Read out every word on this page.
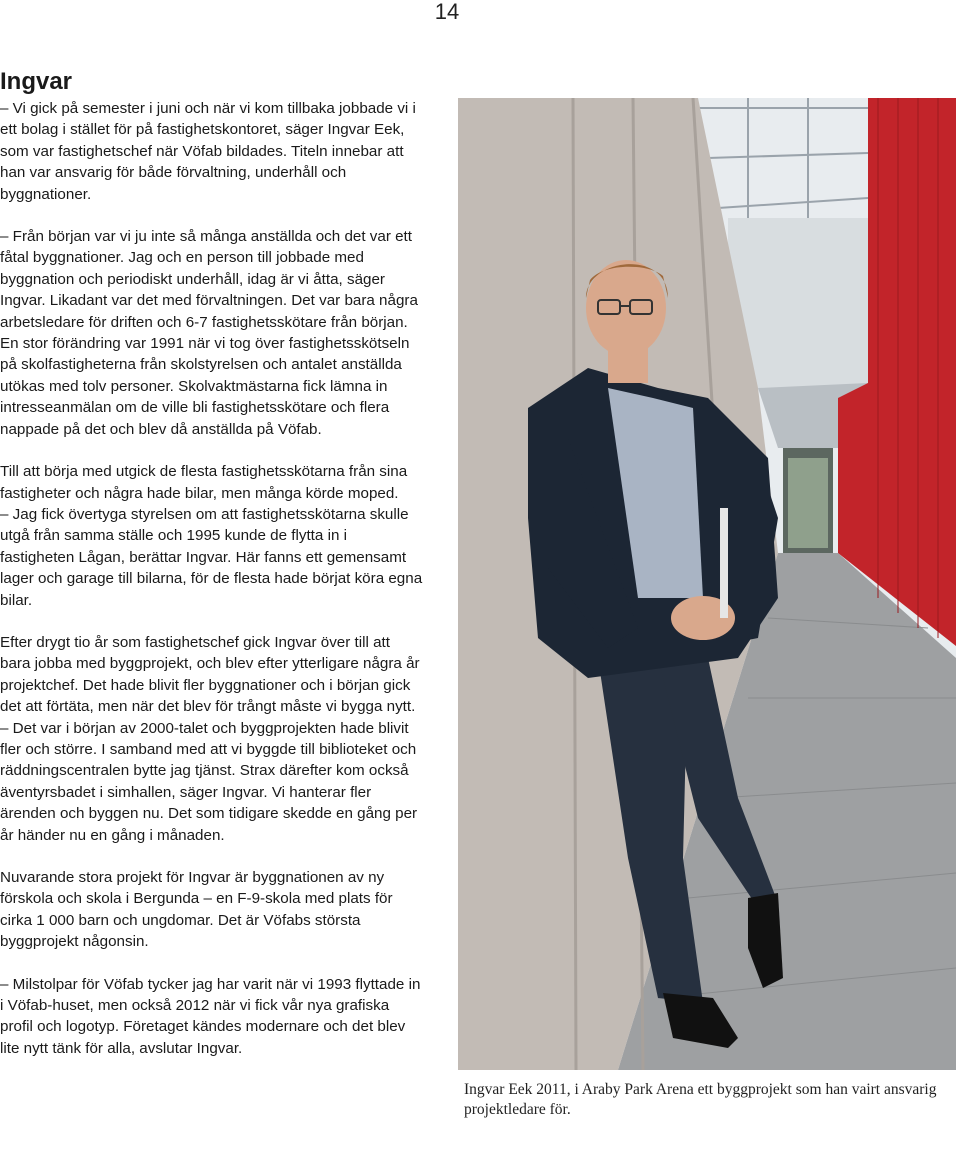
14
Ingvar

– Vi gick på semester i juni och när vi kom tillbaka jobbade vi i ett bolag i stället för på fastighetskontoret, säger Ingvar Eek, som var fastighetschef när Vöfab bildades. Titeln innebar att han var ansvarig för både förvaltning, underhåll och byggnationer.

– Från början var vi ju inte så många anställda och det var ett fåtal byggnationer. Jag och en person till jobbade med byggnation och periodiskt underhåll, idag är vi åtta, säger Ingvar. Likadant var det med förvaltningen. Det var bara några arbetsledare för driften och 6-7 fastighetsskötare från början. En stor förändring var 1991 när vi tog över fastighetsskötseln på skolfastigheterna från skolstyrelsen och antalet anställda utökas med tolv personer. Skolvaktmästarna fick lämna in intresseanmälan om de ville bli fastighetsskötare och flera nappade på det och blev då anställda på Vöfab.

Till att börja med utgick de flesta fastighetsskötarna från sina fastigheter och några hade bilar, men många körde moped.

– Jag fick övertyga styrelsen om att fastighetsskötarna skulle utgå från samma ställe och 1995 kunde de flytta in i fastigheten Lågan, berättar Ingvar. Här fanns ett gemensamt lager och garage till bilarna, för de flesta hade börjat köra egna bilar.

Efter drygt tio år som fastighetschef gick Ingvar över till att bara jobba med byggprojekt, och blev efter ytterligare några år projektchef. Det hade blivit fler byggnationer och i början gick det att förtäta, men när det blev för trångt måste vi bygga nytt.

– Det var i början av 2000-talet och byggprojekten hade blivit fler och större. I samband med att vi byggde till biblioteket och räddningscentralen bytte jag tjänst. Strax därefter kom också äventyrsbadet i simhallen, säger Ingvar. Vi hanterar fler ärenden och byggen nu. Det som tidigare skedde en gång per år händer nu en gång i månaden.

Nuvarande stora projekt för Ingvar är byggnationen av ny förskola och skola i Bergunda – en F-9-skola med plats för cirka 1 000 barn och ungdomar. Det är Vöfabs största byggprojekt någonsin.

– Milstolpar för Vöfab tycker jag har varit när vi 1993 flyttade in i Vöfab-huset, men också 2012 när vi fick vår nya grafiska profil och logotyp. Företaget kändes modernare och det blev lite nytt tänk för alla, avslutar Ingvar.

Ingvar Eek 2011, i Araby Park Arena ett byggprojekt som han vairt ansvarig projektledare för.
